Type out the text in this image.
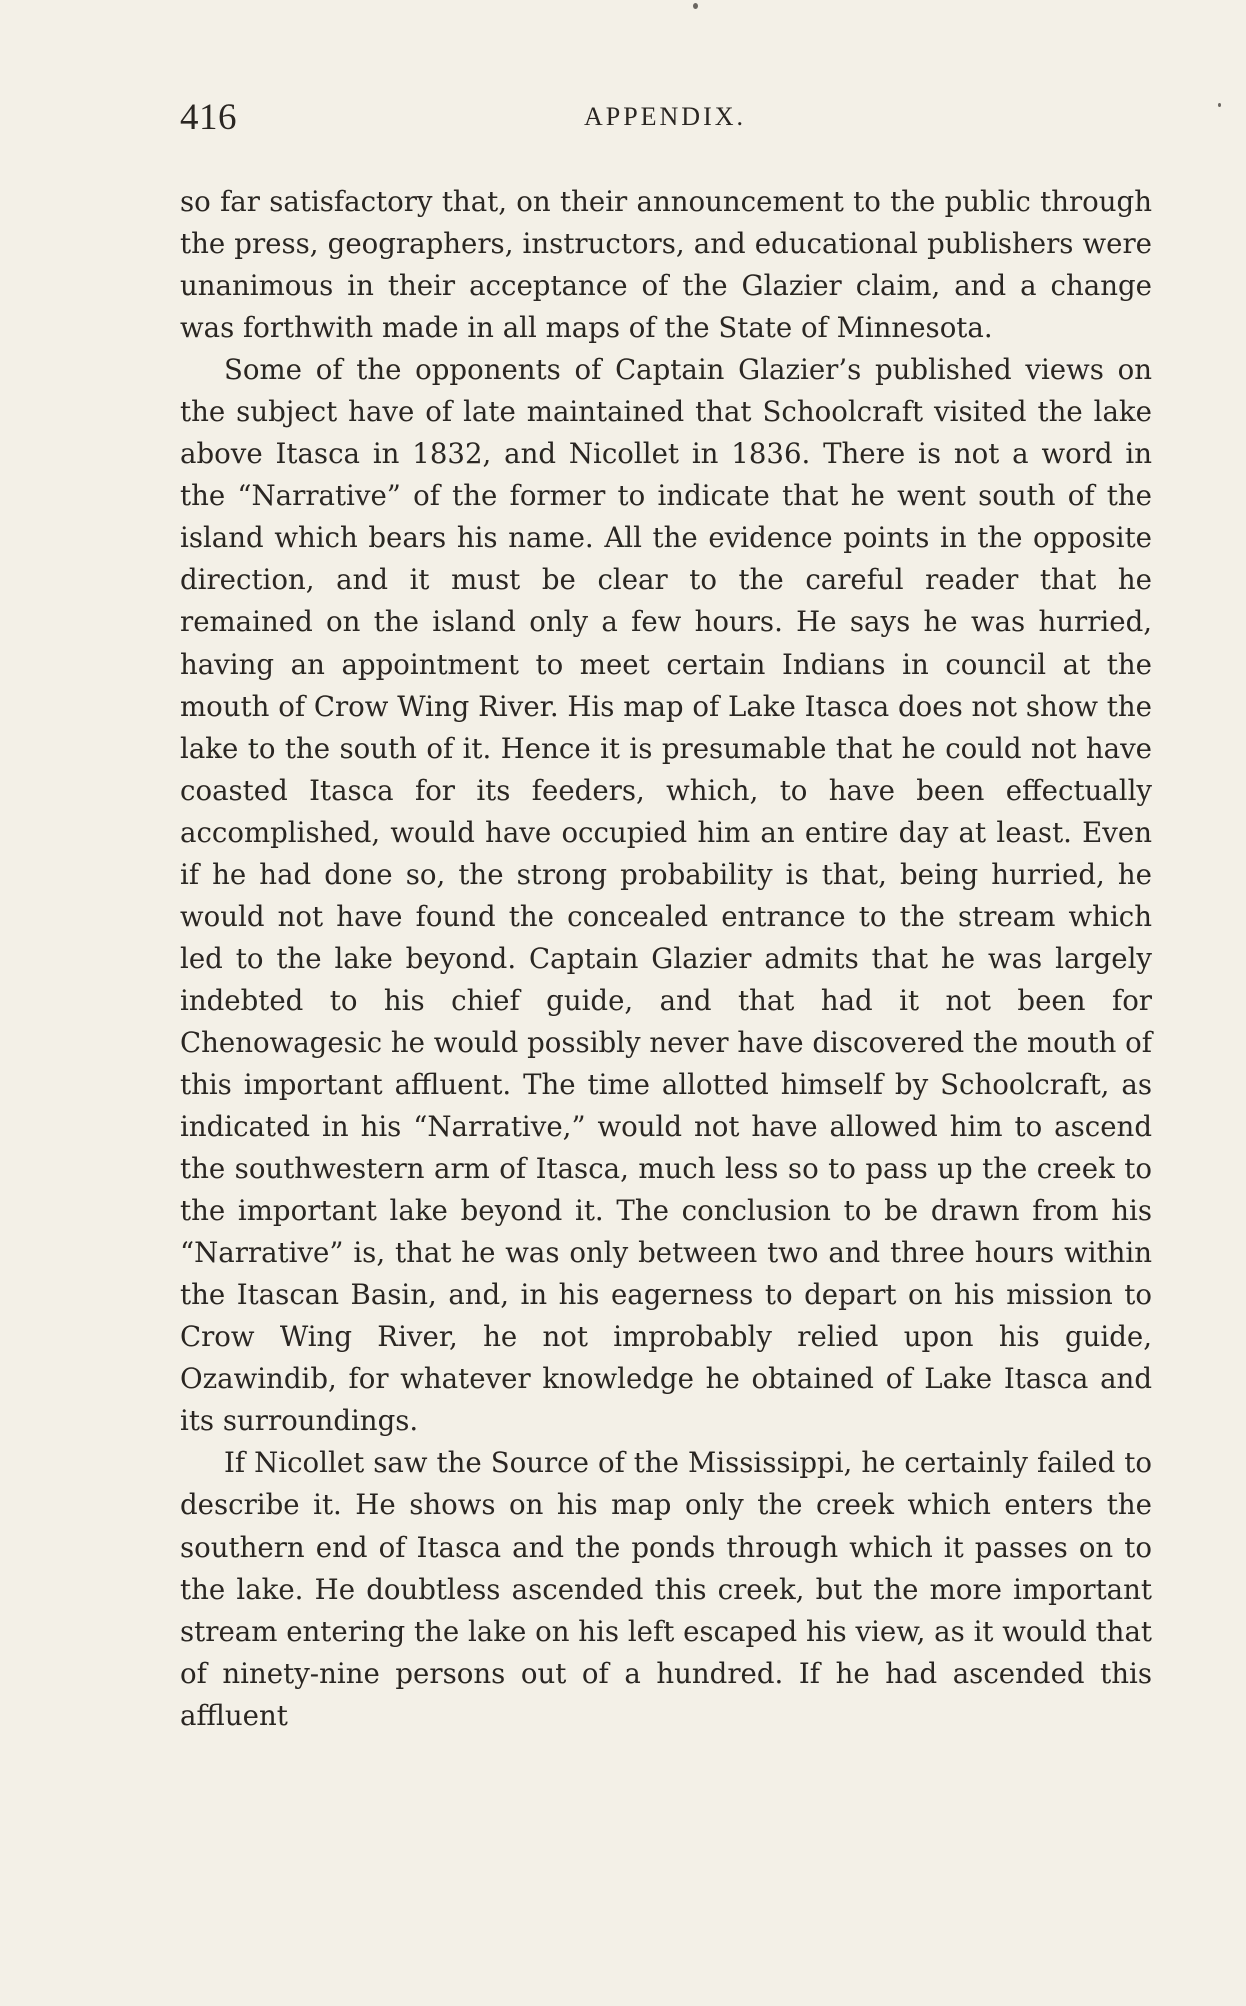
416	APPENDIX.

so far satisfactory that, on their announcement to the public through the press, geographers, instructors, and educational publishers were unanimous in their acceptance of the Glazier claim, and a change was forthwith made in all maps of the State of Minnesota.

Some of the opponents of Captain Glazier’s published views on the subject have of late maintained that Schoolcraft visited the lake above Itasca in 1832, and Nicollet in 1836. There is not a word in the “Narrative” of the former to indicate that he went south of the island which bears his name. All the evidence points in the opposite direction, and it must be clear to the careful reader that he remained on the island only a few hours. He says he was hurried, having an appointment to meet certain Indians in council at the mouth of Crow Wing River. His map of Lake Itasca does not show the lake to the south of it. Hence it is presumable that he could not have coasted Itasca for its feeders, which, to have been effectually accomplished, would have occupied him an entire day at least. Even if he had done so, the strong probability is that, being hurried, he would not have found the concealed entrance to the stream which led to the lake beyond. Captain Glazier admits that he was largely indebted to his chief guide, and that had it not been for Chenowagesic he would possibly never have discovered the mouth of this important affluent. The time allotted himself by Schoolcraft, as indicated in his “Narrative,” would not have allowed him to ascend the southwestern arm of Itasca, much less so to pass up the creek to the important lake beyond it. The conclusion to be drawn from his “Narrative” is, that he was only between two and three hours within the Itascan Basin, and, in his eagerness to depart on his mission to Crow Wing River, he not improbably relied upon his guide, Ozawindib, for whatever knowledge he obtained of Lake Itasca and its surroundings.

If Nicollet saw the Source of the Mississippi, he certainly failed to describe it. He shows on his map only the creek which enters the southern end of Itasca and the ponds through which it passes on to the lake. He doubtless ascended this creek, but the more important stream entering the lake on his left escaped his view, as it would that of ninety-nine persons out of a hundred. If he had ascended this affluent
